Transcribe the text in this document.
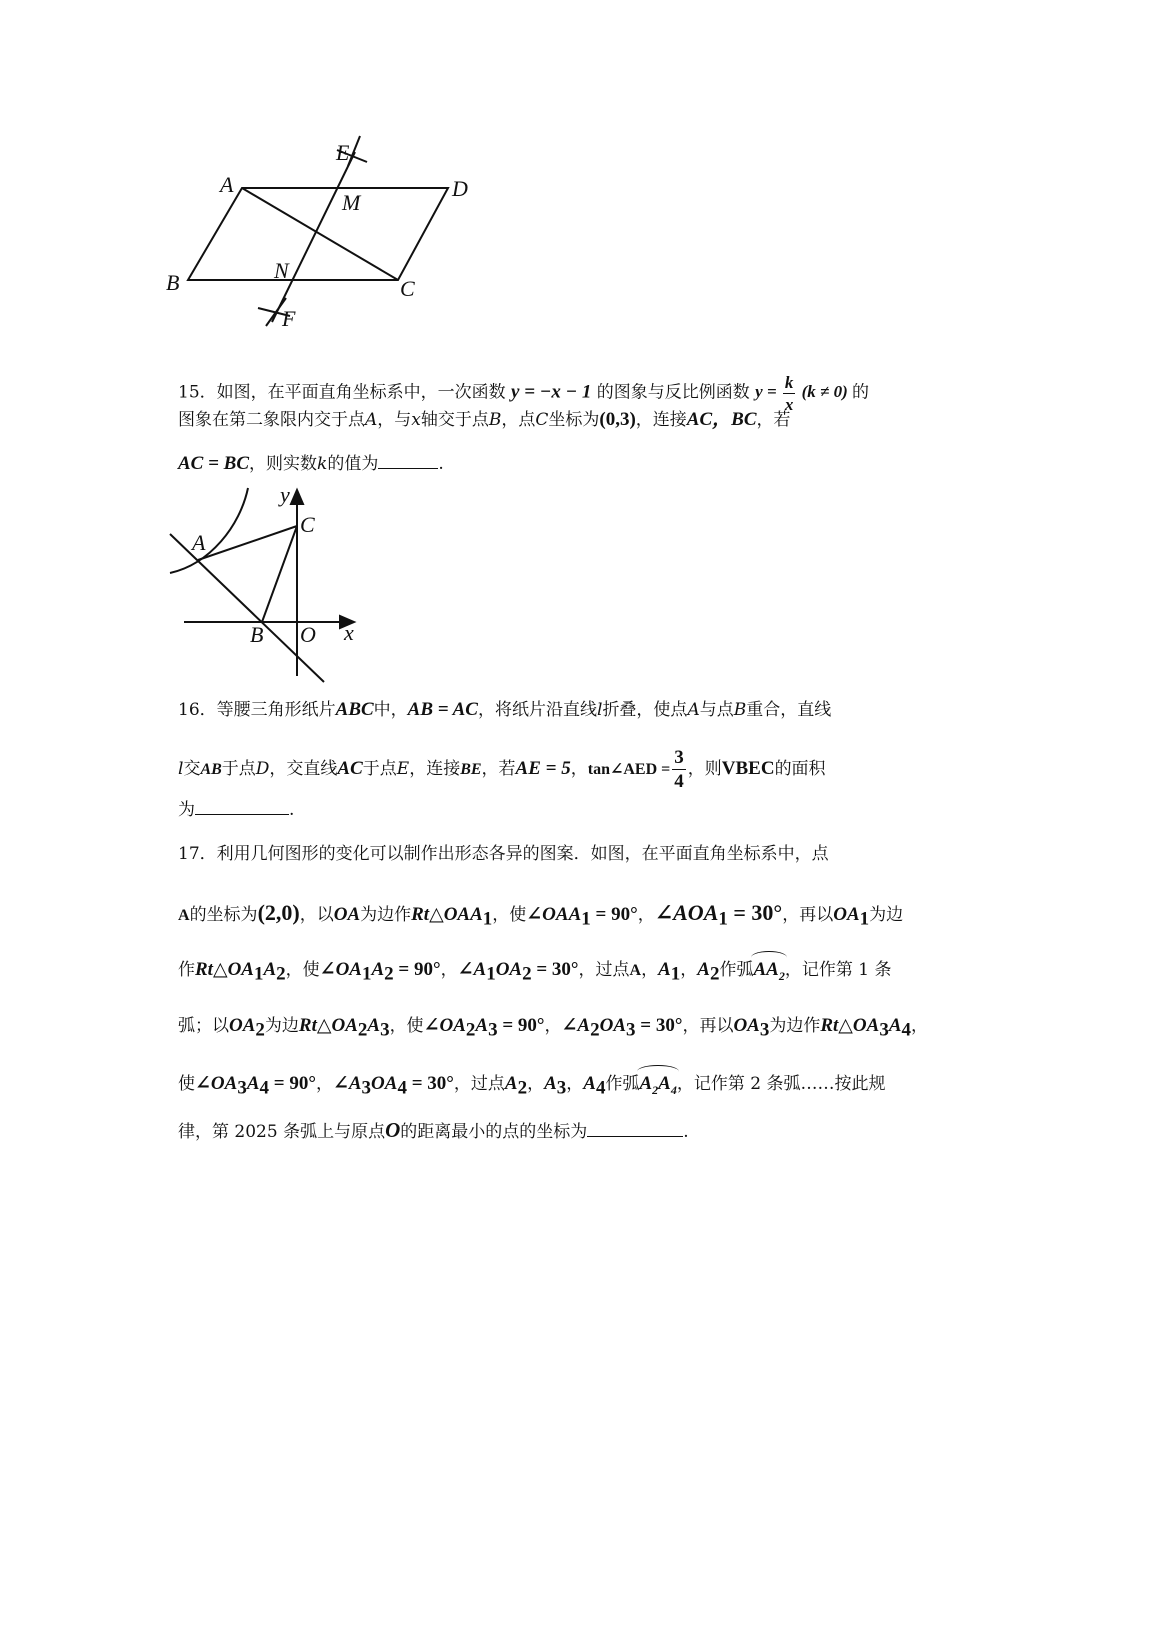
A	D
B	C
E
M
N
F
15．如图，在平面直角坐标系中，一次函数 y = −x − 1 的图象与反比例函数 $y = \frac{k}{x} (k \ne 0)$ 的
图象在第二象限内交于点A，与x轴交于点B，点C坐标为(0,3)，连接AC，BC，若
AC = BC，则实数k的值为	.
y
C
A
B O x
16．等腰三角形纸片ABC中，AB = AC，将纸片沿直线l折叠，使点A与点B重合，直线
l交AB于点D，交直线AC于点E，连接BE，若AE = 5，tan∠AED = $\frac{3}{4}$ ，则VBEC的面积
为	.
17．利用几何图形的变化可以制作出形态各异的图案．如图，在平面直角坐标系中，点
A的坐标为(2,0)，以OA为边作$Rt\triangle OAA_1$，使$\angle OAA_1 = 90^\circ$，$\angle AOA_1 = 30^\circ$，再以$OA_1$为边
作$Rt\triangle OA_1A_2$，使$\angle OA_1A_2 = 90^\circ$，$\angle A_1OA_2 = 30^\circ$，过点A，$A_1$，$A_2$作弧$AA_2$，记作第 1 条
弧；以$OA_2$为边$Rt\triangle OA_2A_3$，使$\angle OA_2A_3 = 90^\circ$，$\angle A_2OA_3 = 30^\circ$，再以$OA_3$为边作$Rt\triangle OA_3A_4$，
使$\angle OA_3A_4 = 90^\circ$，$\angle A_3OA_4 = 30^\circ$，过点$A_2$，$A_3$，$A_4$作弧$A_2A_4$，记作第 2 条弧……按此规
律，第 2025 条弧上与原点O的距离最小的点的坐标为	.
